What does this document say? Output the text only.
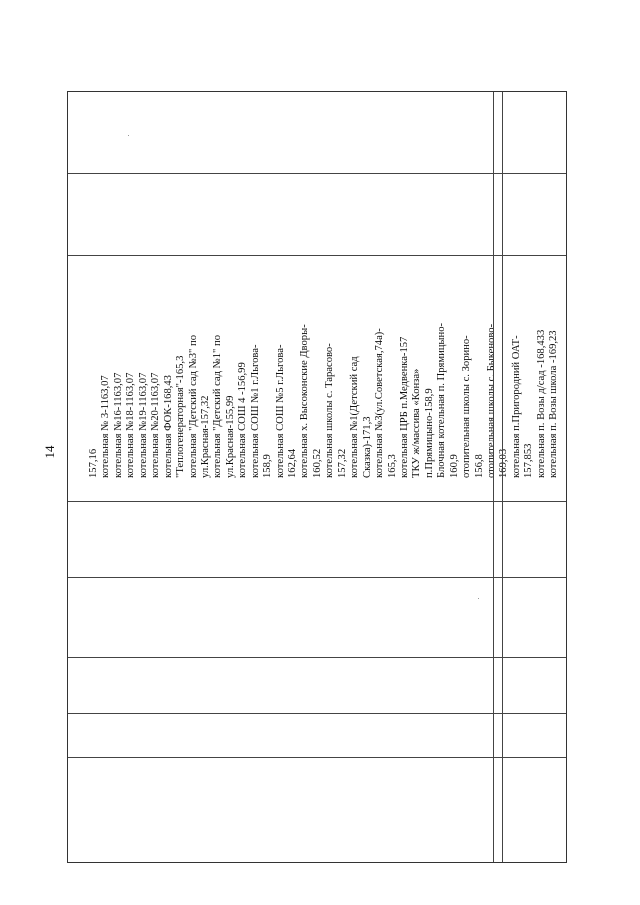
14	157,16 котельная № 3-1163,07 котельная №16-1163,07 котельная №18-1163,07 котельная №19-1163,07 котельная №20-1163,07 котельная ФОК-168,43 "Теплогенераторная"-165,3 котельная "Детский сад №3" по ул.Красная-157,32 котельная "Детский сад №1" по ул.Красная-155,99 котельная СОШ 4 -156,99 котельная СОШ №1 г.Льгова- 158,9 котельная СОШ №5 г.Льгова- 162,64 котельная х. Высоконские Дворы- 160,52 котельная школы с. Тарасово- 157,32 котельная №1(Детский сад Сказка)-171,3 котельная №3(ул.Советская,74а)- 165,3 котельная ЦРБ п.Медвенка-157 ТКУ ж/массива «Конза» п.Прямицыно-158,9 Блочная котельная п. Прямицыно- 160,9 отопительная школы с. Зорино- 156,8 отопительная школы с. Быкеново- 169,03 котельная п.Пригородний ОАТ- 157,853 котельная п. Возы д/сад -168,433 котельная п. Возы школа -169,23
